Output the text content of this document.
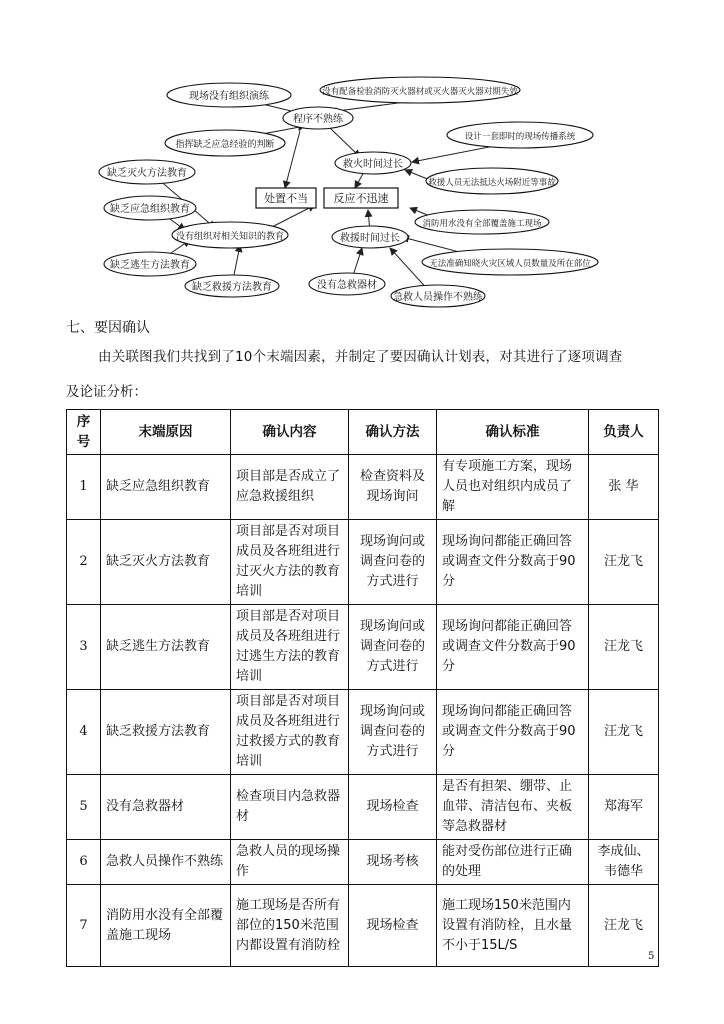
处置不当 反应不迅速
现场没有组织演练	没有配备检验消防灭火器材或灭火器灭火器对期失效
指挥缺乏应急经验的判断
程序不熟练
设计一套即时的现场传播系统
缺乏灭火方法教育
救火时间过长
救援人员无法抵达火场附近等事故
缺乏应急组织教育
消防用水没有全部覆盖施工现场
没有组织对相关知识的教育	救援时间过长
缺乏逃生方法教育	无法准确知晓火灾区域人员数量及所在部位
缺乏救援方法教育	没有急救器材
急救人员操作不熟练
七、要因确认
由关联图我们共找到了10个末端因素，并制定了要因确认计划表，对其进行了逐项调查
及论证分析：
序号	末端原因	确认内容	确认方法	确认标准	负责人
1	缺乏应急组织教育	项目部是否成立了应急救援组织	检查资料及现场询问	有专项施工方案，现场人员也对组织内成员了解	张 华
2	缺乏灭火方法教育	项目部是否对项目成员及各班组进行过灭火方法的教育培训	现场询问或调查问卷的方式进行	现场询问都能正确回答或调查文件分数高于90分	汪龙飞
3	缺乏逃生方法教育	项目部是否对项目成员及各班组进行过逃生方法的教育培训	现场询问或调查问卷的方式进行	现场询问都能正确回答或调查文件分数高于90分	汪龙飞
4	缺乏救援方法教育	项目部是否对项目成员及各班组进行过救援方式的教育培训	现场询问或调查问卷的方式进行	现场询问都能正确回答或调查文件分数高于90分	汪龙飞
5	没有急救器材	检查项目内急救器材	现场检查	是否有担架、绷带、止血带、清洁包布、夹板等急救器材	郑海军
6	急救人员操作不熟练	急救人员的现场操作	现场考核	能对受伤部位进行正确的处理	李成仙、韦德华
7	消防用水没有全部覆盖施工现场	施工现场是否所有部位的150米范围内都设置有消防栓	现场检查	施工现场150米范围内设置有消防栓，且水量不小于15L/S	汪龙飞
5
